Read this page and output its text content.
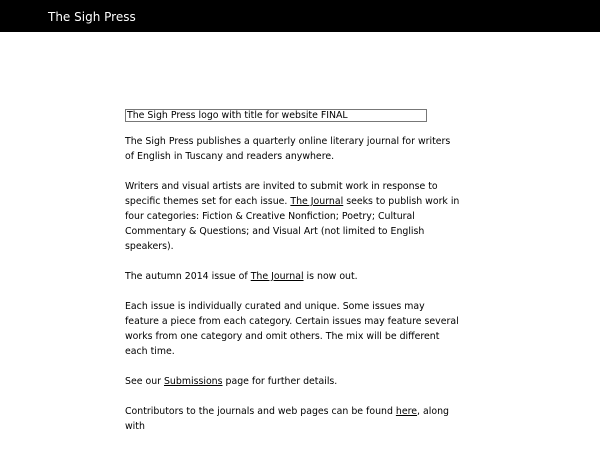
The Sigh Press
The Sigh Press logo with title for website FINAL

The Sigh Press publishes a quarterly online literary journal for writers of English in Tuscany and readers anywhere.

Writers and visual artists are invited to submit work in response to specific themes set for each issue. The Journal seeks to publish work in four categories: Fiction & Creative Nonfiction; Poetry; Cultural Commentary & Questions; and Visual Art (not limited to English speakers).

The autumn 2014 issue of The Journal is now out.

Each issue is individually curated and unique. Some issues may feature a piece from each category. Certain issues may feature several works from one category and omit others. The mix will be different each time.

See our Submissions page for further details.

Contributors to the journals and web pages can be found here, along with
